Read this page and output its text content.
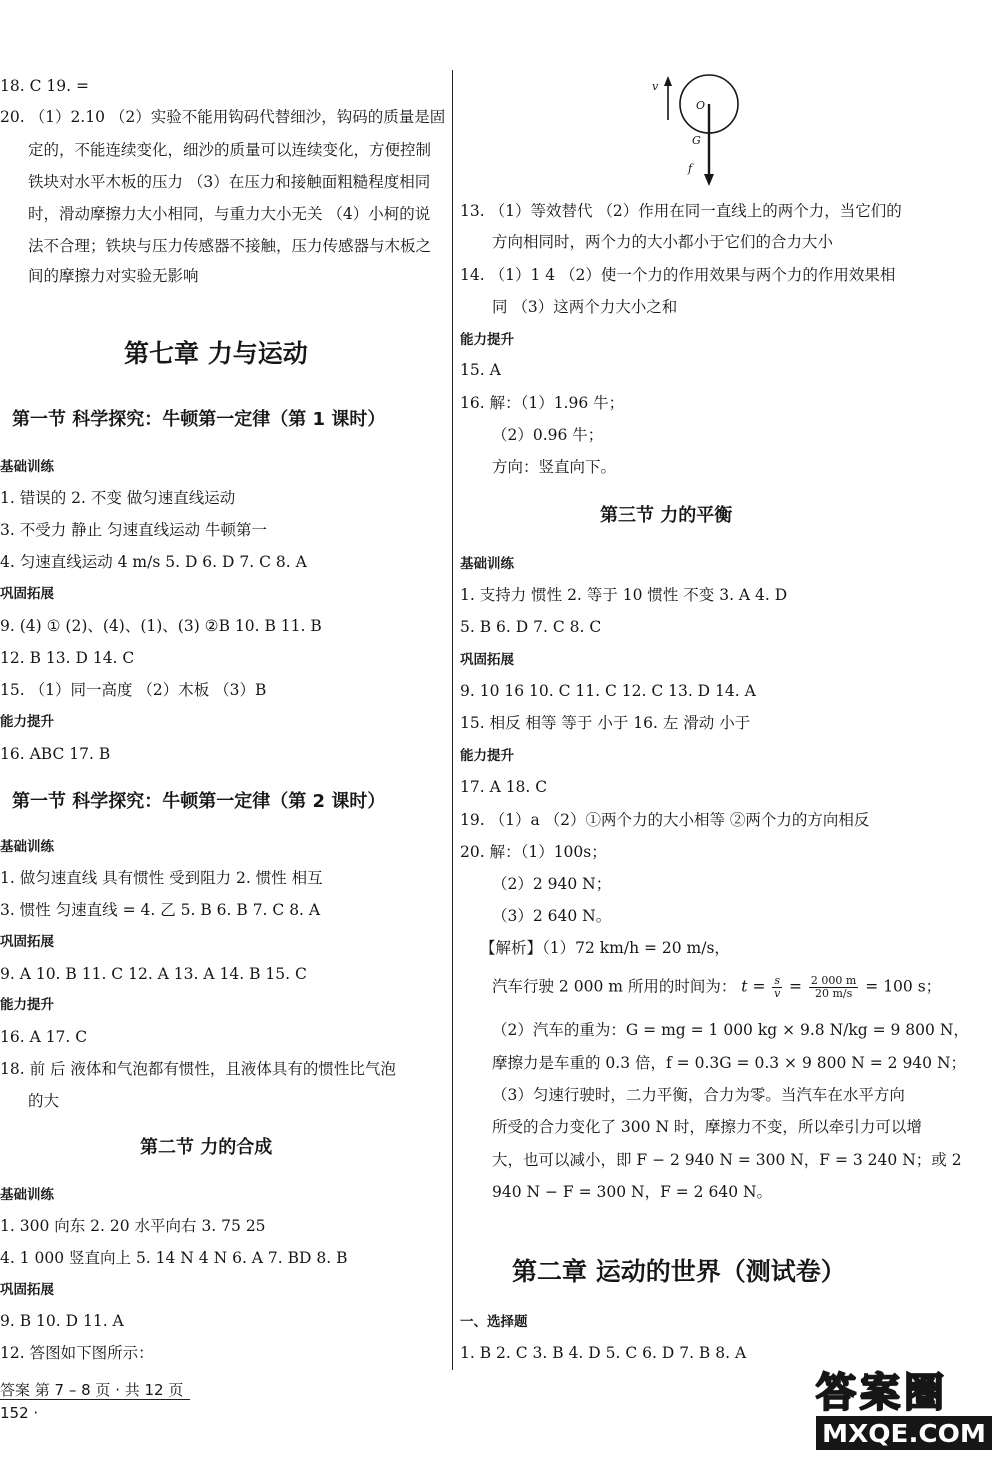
18. C 19. =
20. （1）2.10 （2）实验不能用钩码代替细沙，钩码的质量是固
定的，不能连续变化，细沙的质量可以连续变化，方便控制
铁块对水平木板的压力 （3）在压力和接触面粗糙程度相同
时，滑动摩擦力大小相同，与重力大小无关 （4）小柯的说
法不合理；铁块与压力传感器不接触，压力传感器与木板之
间的摩擦力对实验无影响
第七章 力与运动
第一节 科学探究：牛顿第一定律（第 1 课时）
基础训练
1. 错误的 2. 不变 做匀速直线运动
3. 不受力 静止 匀速直线运动 牛顿第一
4. 匀速直线运动 4 m/s 5. D 6. D 7. C 8. A
巩固拓展
9. (4) ① (2)、(4)、(1)、(3) ②B 10. B 11. B
12. B 13. D 14. C
15. （1）同一高度 （2）木板 （3）B
能力提升
16. ABC 17. B
第一节 科学探究：牛顿第一定律（第 2 课时）
基础训练
1. 做匀速直线 具有惯性 受到阻力 2. 惯性 相互
3. 惯性 匀速直线 = 4. 乙 5. B 6. B 7. C 8. A
巩固拓展
9. A 10. B 11. C 12. A 13. A 14. B 15. C
能力提升
16. A 17. C
18. 前 后 液体和气泡都有惯性，且液体具有的惯性比气泡
的大
第二节 力的合成
基础训练
1. 300 向东 2. 20 水平向右 3. 75 25
4. 1 000 竖直向上 5. 14 N 4 N 6. A 7. BD 8. B
巩固拓展
9. B 10. D 11. A
12. 答图如下图所示：
v
O
G
f
13. （1）等效替代 （2）作用在同一直线上的两个力，当它们的
方向相同时，两个力的大小都小于它们的合力大小
14. （1）1 4 （2）使一个力的作用效果与两个力的作用效果相
同 （3）这两个力大小之和
能力提升
15. A
16. 解：（1）1.96 牛；
（2）0.96 牛；
方向：竖直向下。
第三节 力的平衡
基础训练
1. 支持力 惯性 2. 等于 10 惯性 不变 3. A 4. D
5. B 6. D 7. C 8. C
巩固拓展
9. 10 16 10. C 11. C 12. C 13. D 14. A
15. 相反 相等 等于 小于 16. 左 滑动 小于
能力提升
17. A 18. C
19. （1）a （2）①两个力的大小相等 ②两个力的方向相反
20. 解：（1）100s；
（2）2 940 N；
（3）2 640 N。
【解析】（1）72 km/h = 20 m/s，
汽车行驶 2 000 m 所用的时间为： $t = \frac{s}{v} = \frac{2 000 m}{20 m/s} = 100$ s；
（2）汽车的重为：G = mg = 1 000 kg × 9.8 N/kg = 9 800 N，
摩擦力是车重的 0.3 倍，f = 0.3G = 0.3 × 9 800 N = 2 940 N；
（3）匀速行驶时，二力平衡，合力为零。当汽车在水平方向
所受的合力变化了 300 N 时，摩擦力不变，所以牵引力可以增
大，也可以减小，即 F − 2 940 N = 300 N，F = 3 240 N；或 2
940 N − F = 300 N，F = 2 640 N。
第二章 运动的世界（测试卷）
一、选择题
1. B 2. C 3. B 4. D 5. C 6. D 7. B 8. A
答案 第 7 – 8 页 · 共 12 页
152 ·	答案圈
MXQE.COM
